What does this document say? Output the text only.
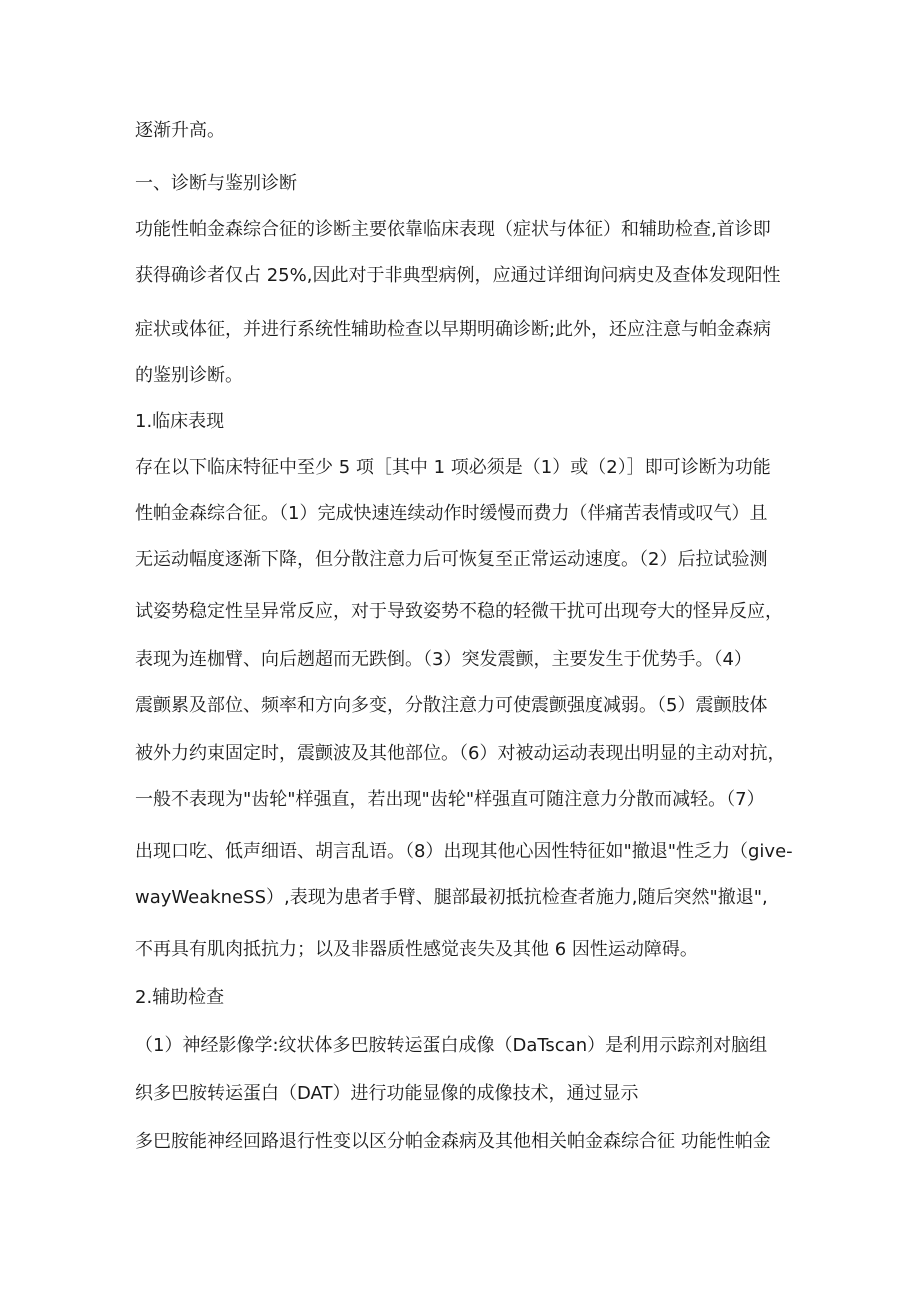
逐渐升高。
一、诊断与鉴别诊断
功能性帕金森综合征的诊断主要依靠临床表现（症状与体征）和辅助检查,首诊即
获得确诊者仅占 25%,因此对于非典型病例，应通过详细询问病史及查体发现阳性
症状或体征，并进行系统性辅助检查以早期明确诊断;此外，还应注意与帕金森病
的鉴别诊断。
1.临床表现
存在以下临床特征中至少 5 项［其中 1 项必须是（1）或（2）］即可诊断为功能
性帕金森综合征。（1）完成快速连续动作时缓慢而费力（伴痛苦表情或叹气）且
无运动幅度逐渐下降，但分散注意力后可恢复至正常运动速度。（2）后拉试验测
试姿势稳定性呈异常反应，对于导致姿势不稳的轻微干扰可出现夸大的怪异反应，
表现为连枷臂、向后趔超而无跌倒。（3）突发震颤，主要发生于优势手。（4）
震颤累及部位、频率和方向多变，分散注意力可使震颤强度减弱。（5）震颤肢体
被外力约束固定时，震颤波及其他部位。（6）对被动运动表现出明显的主动对抗，
一般不表现为"齿轮"样强直，若出现"齿轮"样强直可随注意力分散而减轻。（7）
出现口吃、低声细语、胡言乱语。（8）出现其他心因性特征如"撤退"性乏力（give-
wayWeakneSS）,表现为患者手臂、腿部最初抵抗检查者施力,随后突然"撤退",
不再具有肌肉抵抗力；以及非器质性感觉丧失及其他 6 因性运动障碍。
2.辅助检查
（1）神经影像学:纹状体多巴胺转运蛋白成像（DaTscan）是利用示踪剂对脑组
织多巴胺转运蛋白（DAT）进行功能显像的成像技术，通过显示
多巴胺能神经回路退行性变以区分帕金森病及其他相关帕金森综合征 功能性帕金
